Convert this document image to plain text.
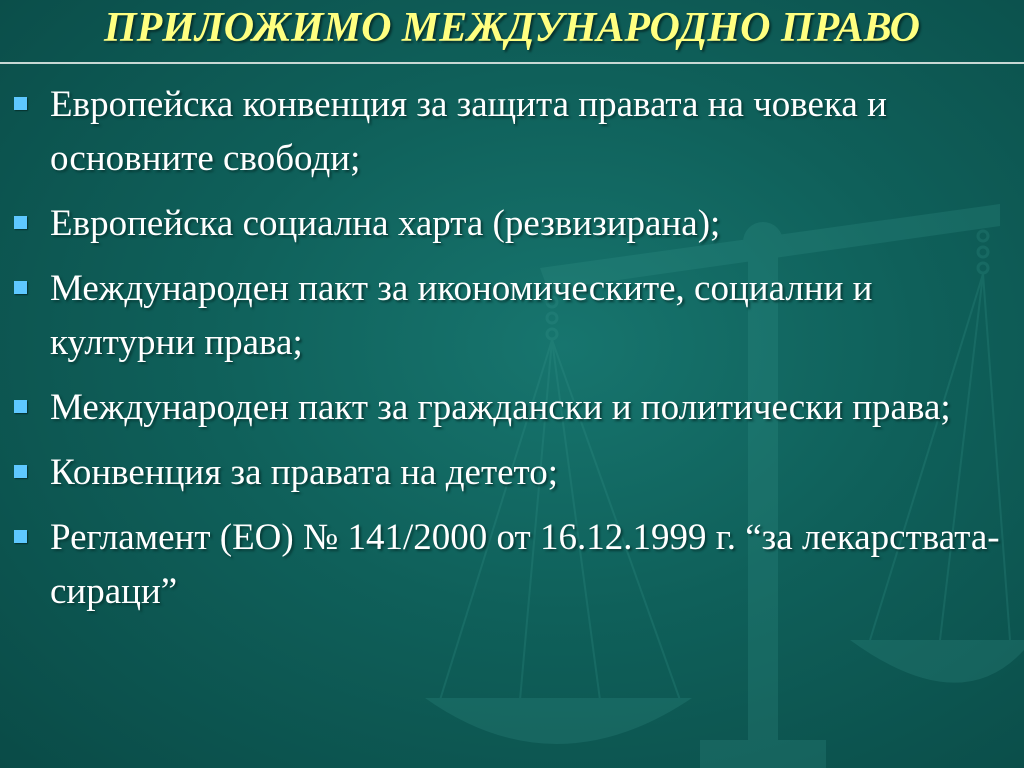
ПРИЛОЖИМО МЕЖДУНАРОДНО ПРАВО
Европейска конвенция за защита правата на човека и основните свободи;
Европейска социална харта (резвизирана);
Международен пакт за икономическите, социални и културни права;
Международен пакт за граждански и политически права;
Конвенция за правата на детето;
Регламент (ЕО) № 141/2000 от 16.12.1999 г. “за лекарствата-сираци”
